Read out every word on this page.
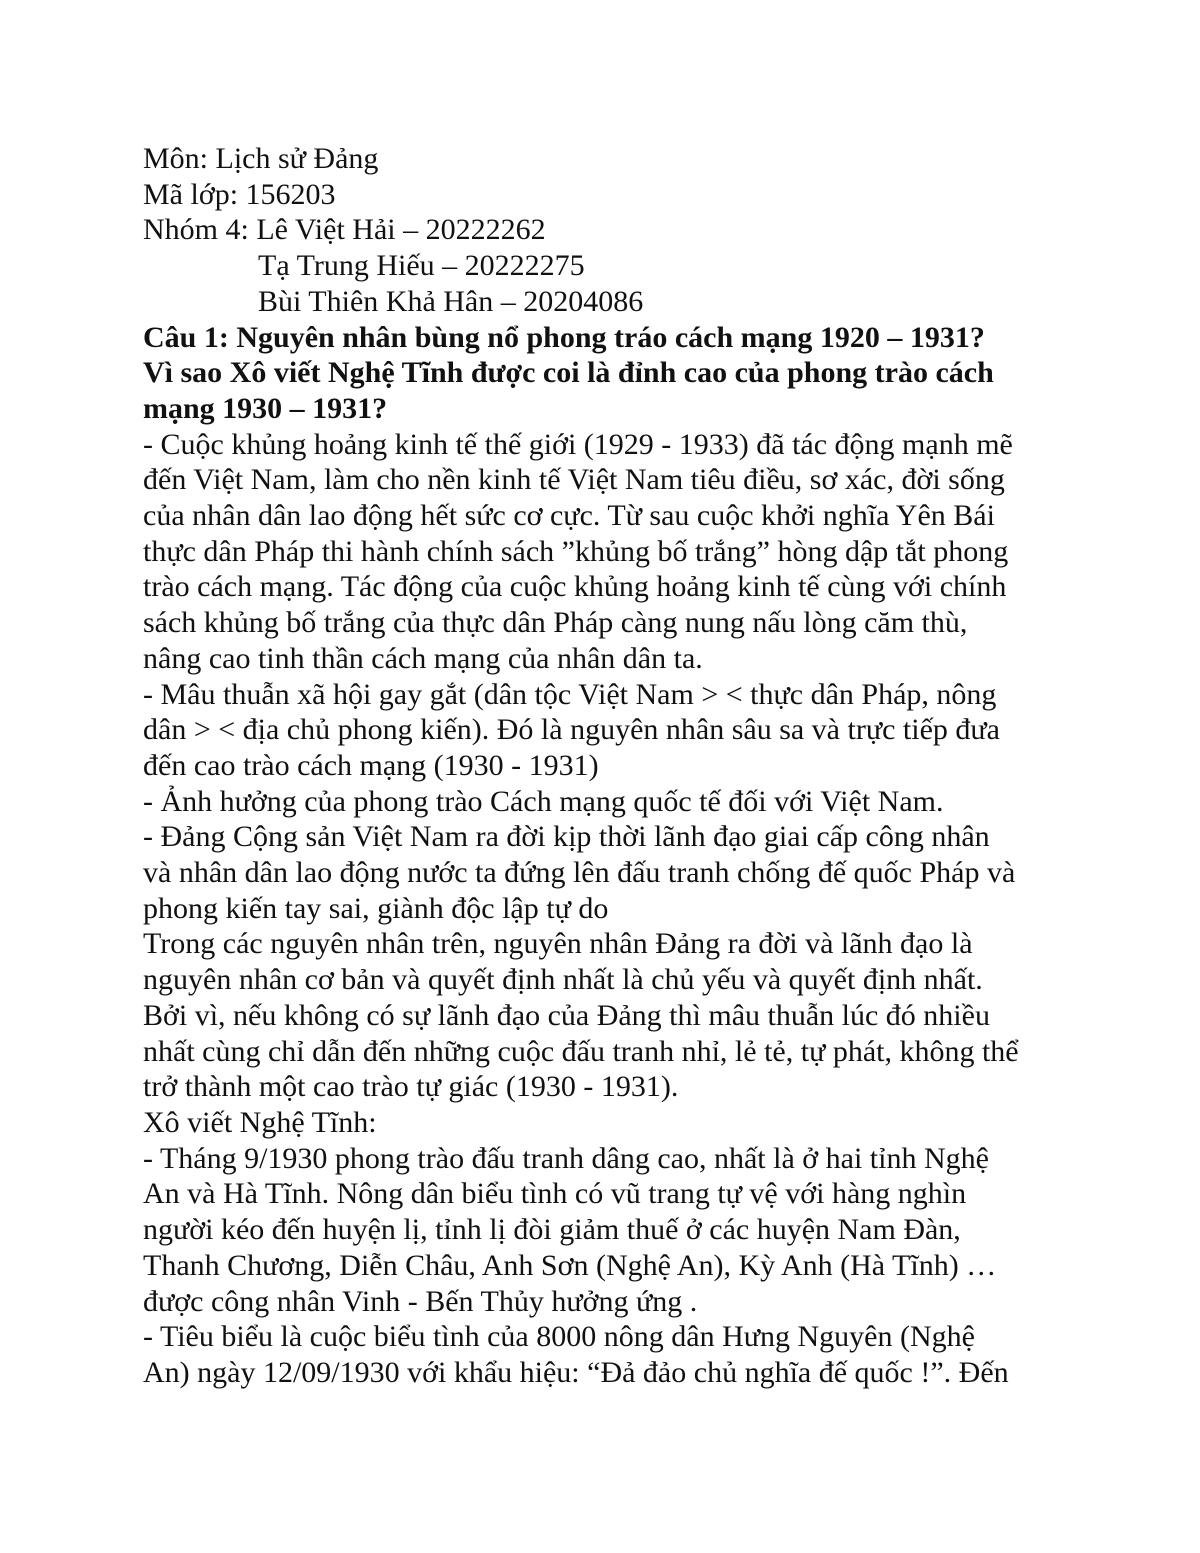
Môn: Lịch sử Đảng
Mã lớp: 156203
Nhóm 4: Lê Việt Hải – 20222262
Tạ Trung Hiếu – 20222275
Bùi Thiên Khả Hân – 20204086
Câu 1: Nguyên nhân bùng nổ phong tráo cách mạng 1920 – 1931?
Vì sao Xô viết Nghệ Tĩnh được coi là đỉnh cao của phong trào cách
mạng 1930 – 1931?
- Cuộc khủng hoảng kinh tế thế giới (1929 - 1933) đã tác động mạnh mẽ
đến Việt Nam, làm cho nền kinh tế Việt Nam tiêu điều, sơ xác, đời sống
của nhân dân lao động hết sức cơ cực. Từ sau cuộc khởi nghĩa Yên Bái
thực dân Pháp thi hành chính sách ”khủng bố trắng” hòng dập tắt phong
trào cách mạng. Tác động của cuộc khủng hoảng kinh tế cùng với chính
sách khủng bố trắng của thực dân Pháp càng nung nấu lòng căm thù,
nâng cao tinh thần cách mạng của nhân dân ta.
- Mâu thuẫn xã hội gay gắt (dân tộc Việt Nam > < thực dân Pháp, nông
dân > < địa chủ phong kiến). Đó là nguyên nhân sâu sa và trực tiếp đưa
đến cao trào cách mạng (1930 - 1931)
- Ảnh hưởng của phong trào Cách mạng quốc tế đối với Việt Nam.
- Đảng Cộng sản Việt Nam ra đời kịp thời lãnh đạo giai cấp công nhân
và nhân dân lao động nước ta đứng lên đấu tranh chống đế quốc Pháp và
phong kiến tay sai, giành độc lập tự do
Trong các nguyên nhân trên, nguyên nhân Đảng ra đời và lãnh đạo là
nguyên nhân cơ bản và quyết định nhất là chủ yếu và quyết định nhất.
Bởi vì, nếu không có sự lãnh đạo của Đảng thì mâu thuẫn lúc đó nhiều
nhất cùng chỉ dẫn đến những cuộc đấu tranh nhỉ, lẻ tẻ, tự phát, không thể
trở thành một cao trào tự giác (1930 - 1931).
Xô viết Nghệ Tĩnh:
- Tháng 9/1930 phong trào đấu tranh dâng cao, nhất là ở hai tỉnh Nghệ
An và Hà Tĩnh. Nông dân biểu tình có vũ trang tự vệ với hàng nghìn
người kéo đến huyện lị, tỉnh lị đòi giảm thuế ở các huyện Nam Đàn,
Thanh Chương, Diễn Châu, Anh Sơn (Nghệ An), Kỳ Anh (Hà Tĩnh) …
được công nhân Vinh - Bến Thủy hưởng ứng .
- Tiêu biểu là cuộc biểu tình của 8000 nông dân Hưng Nguyên (Nghệ
An) ngày 12/09/1930 với khẩu hiệu: “Đả đảo chủ nghĩa đế quốc !”. Đến
